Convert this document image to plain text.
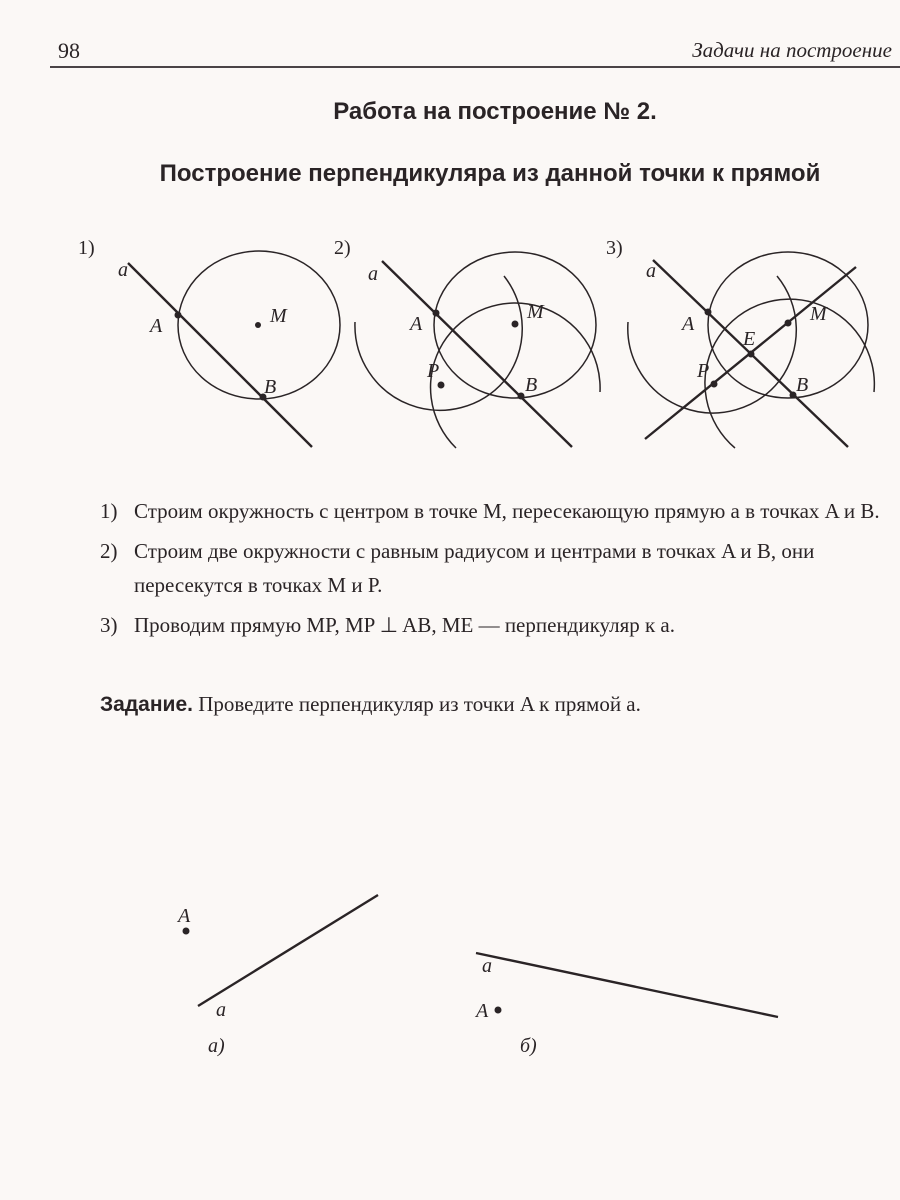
98	Задачи на построение
Работа на построение № 2.
Построение перпендикуляра из данной точки к прямой
1)
a
A
B
M
2)
a
A
B
M
P
3)
a
A
B
M
P
E
A
a
а)
a
A
б)
1) Строим окружность с центром в точке M, пересекающую прямую a в точках A и B.
2) Строим две окружности с равным радиусом и центрами в точках A и B, они пересекутся в точках M и P.
3) Проводим прямую MP, MP ⊥ AB, ME — перпендикуляр к a.
Задание. Проведите перпендикуляр из точки A к прямой a.
